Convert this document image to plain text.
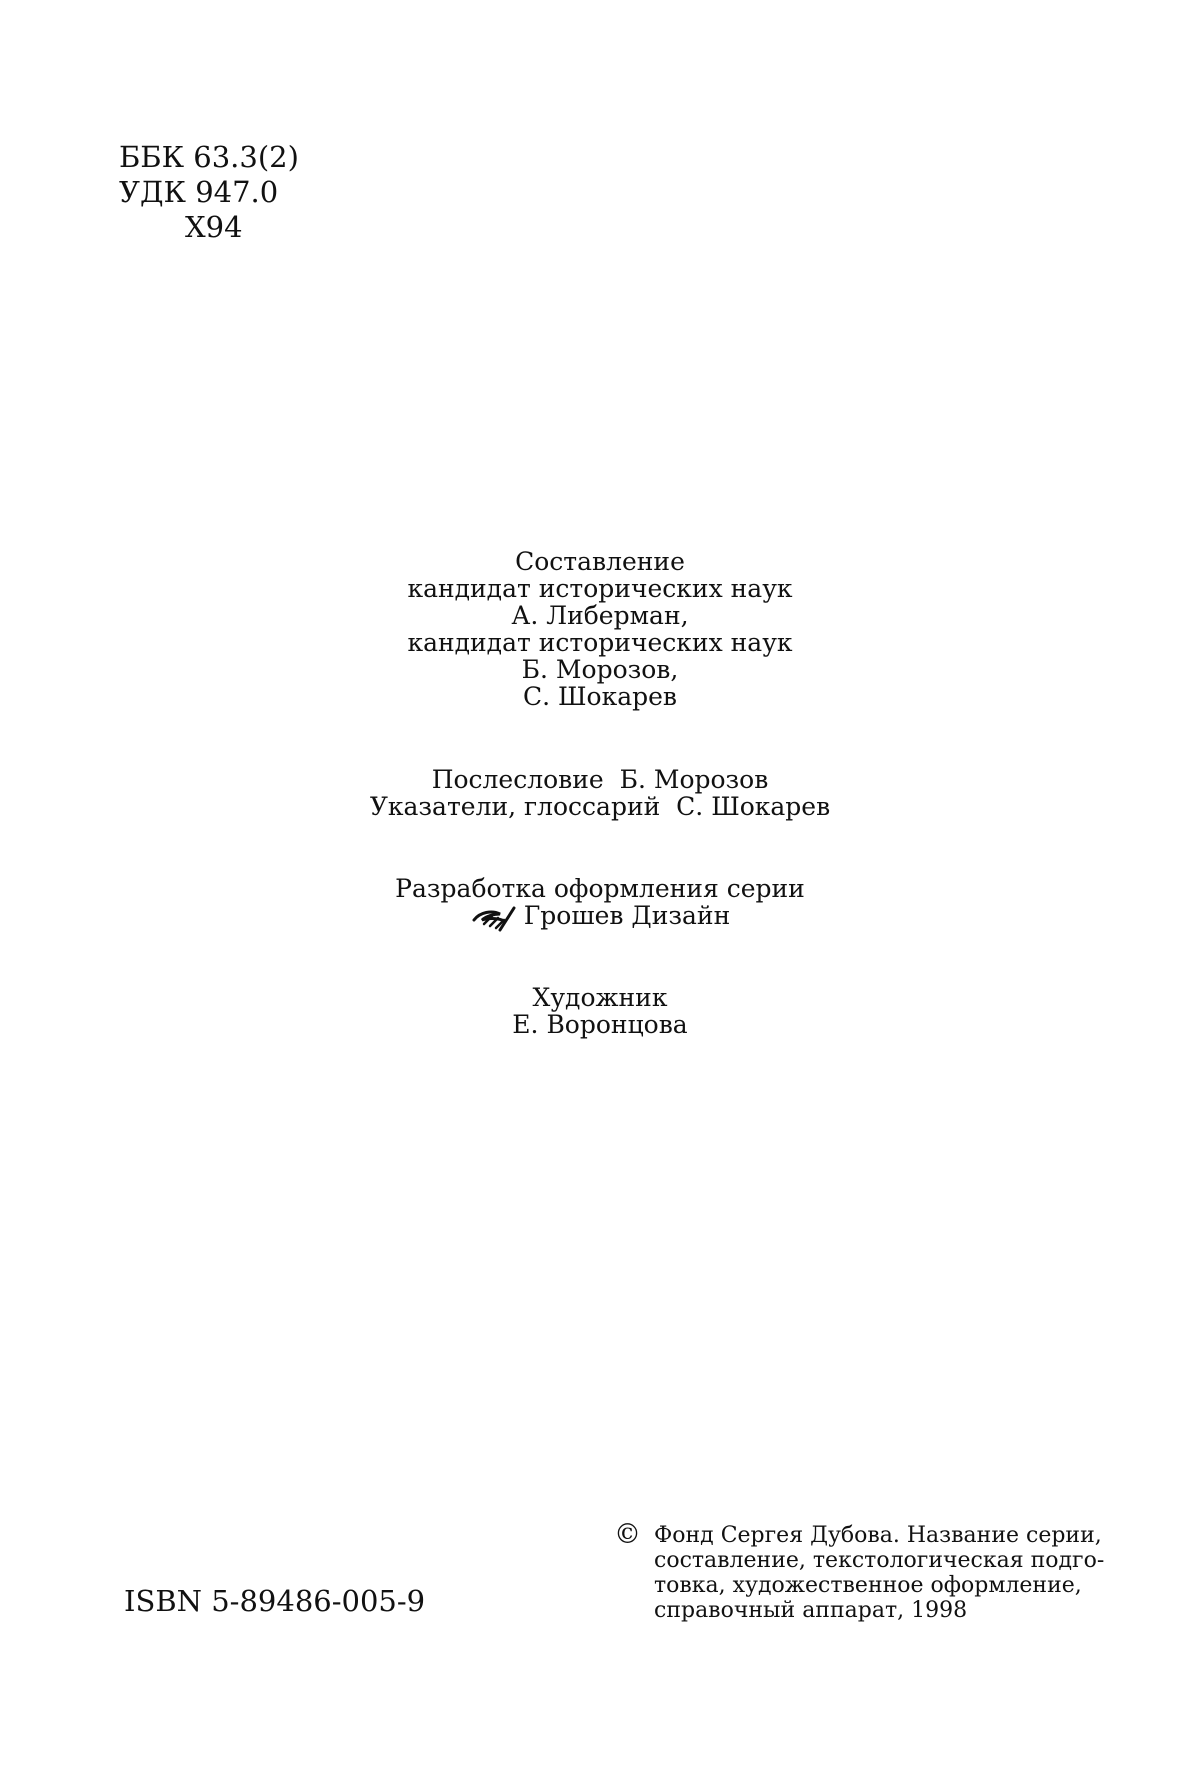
ББК 63.3(2)
УДК 947.0
Х94
Составление
кандидат исторических наук
А. Либерман,
кандидат исторических наук
Б. Морозов,
С. Шокарев
Послесловие  Б. Морозов
Указатели, глоссарий  С. Шокарев
Разработка оформления серии
Грошев Дизайн
Художник
Е. Воронцова
ISBN 5-89486-005-9
© Фонд Сергея Дубова. Название серии,
составление, текстологическая подго-
товка, художественное оформление,
справочный аппарат, 1998
